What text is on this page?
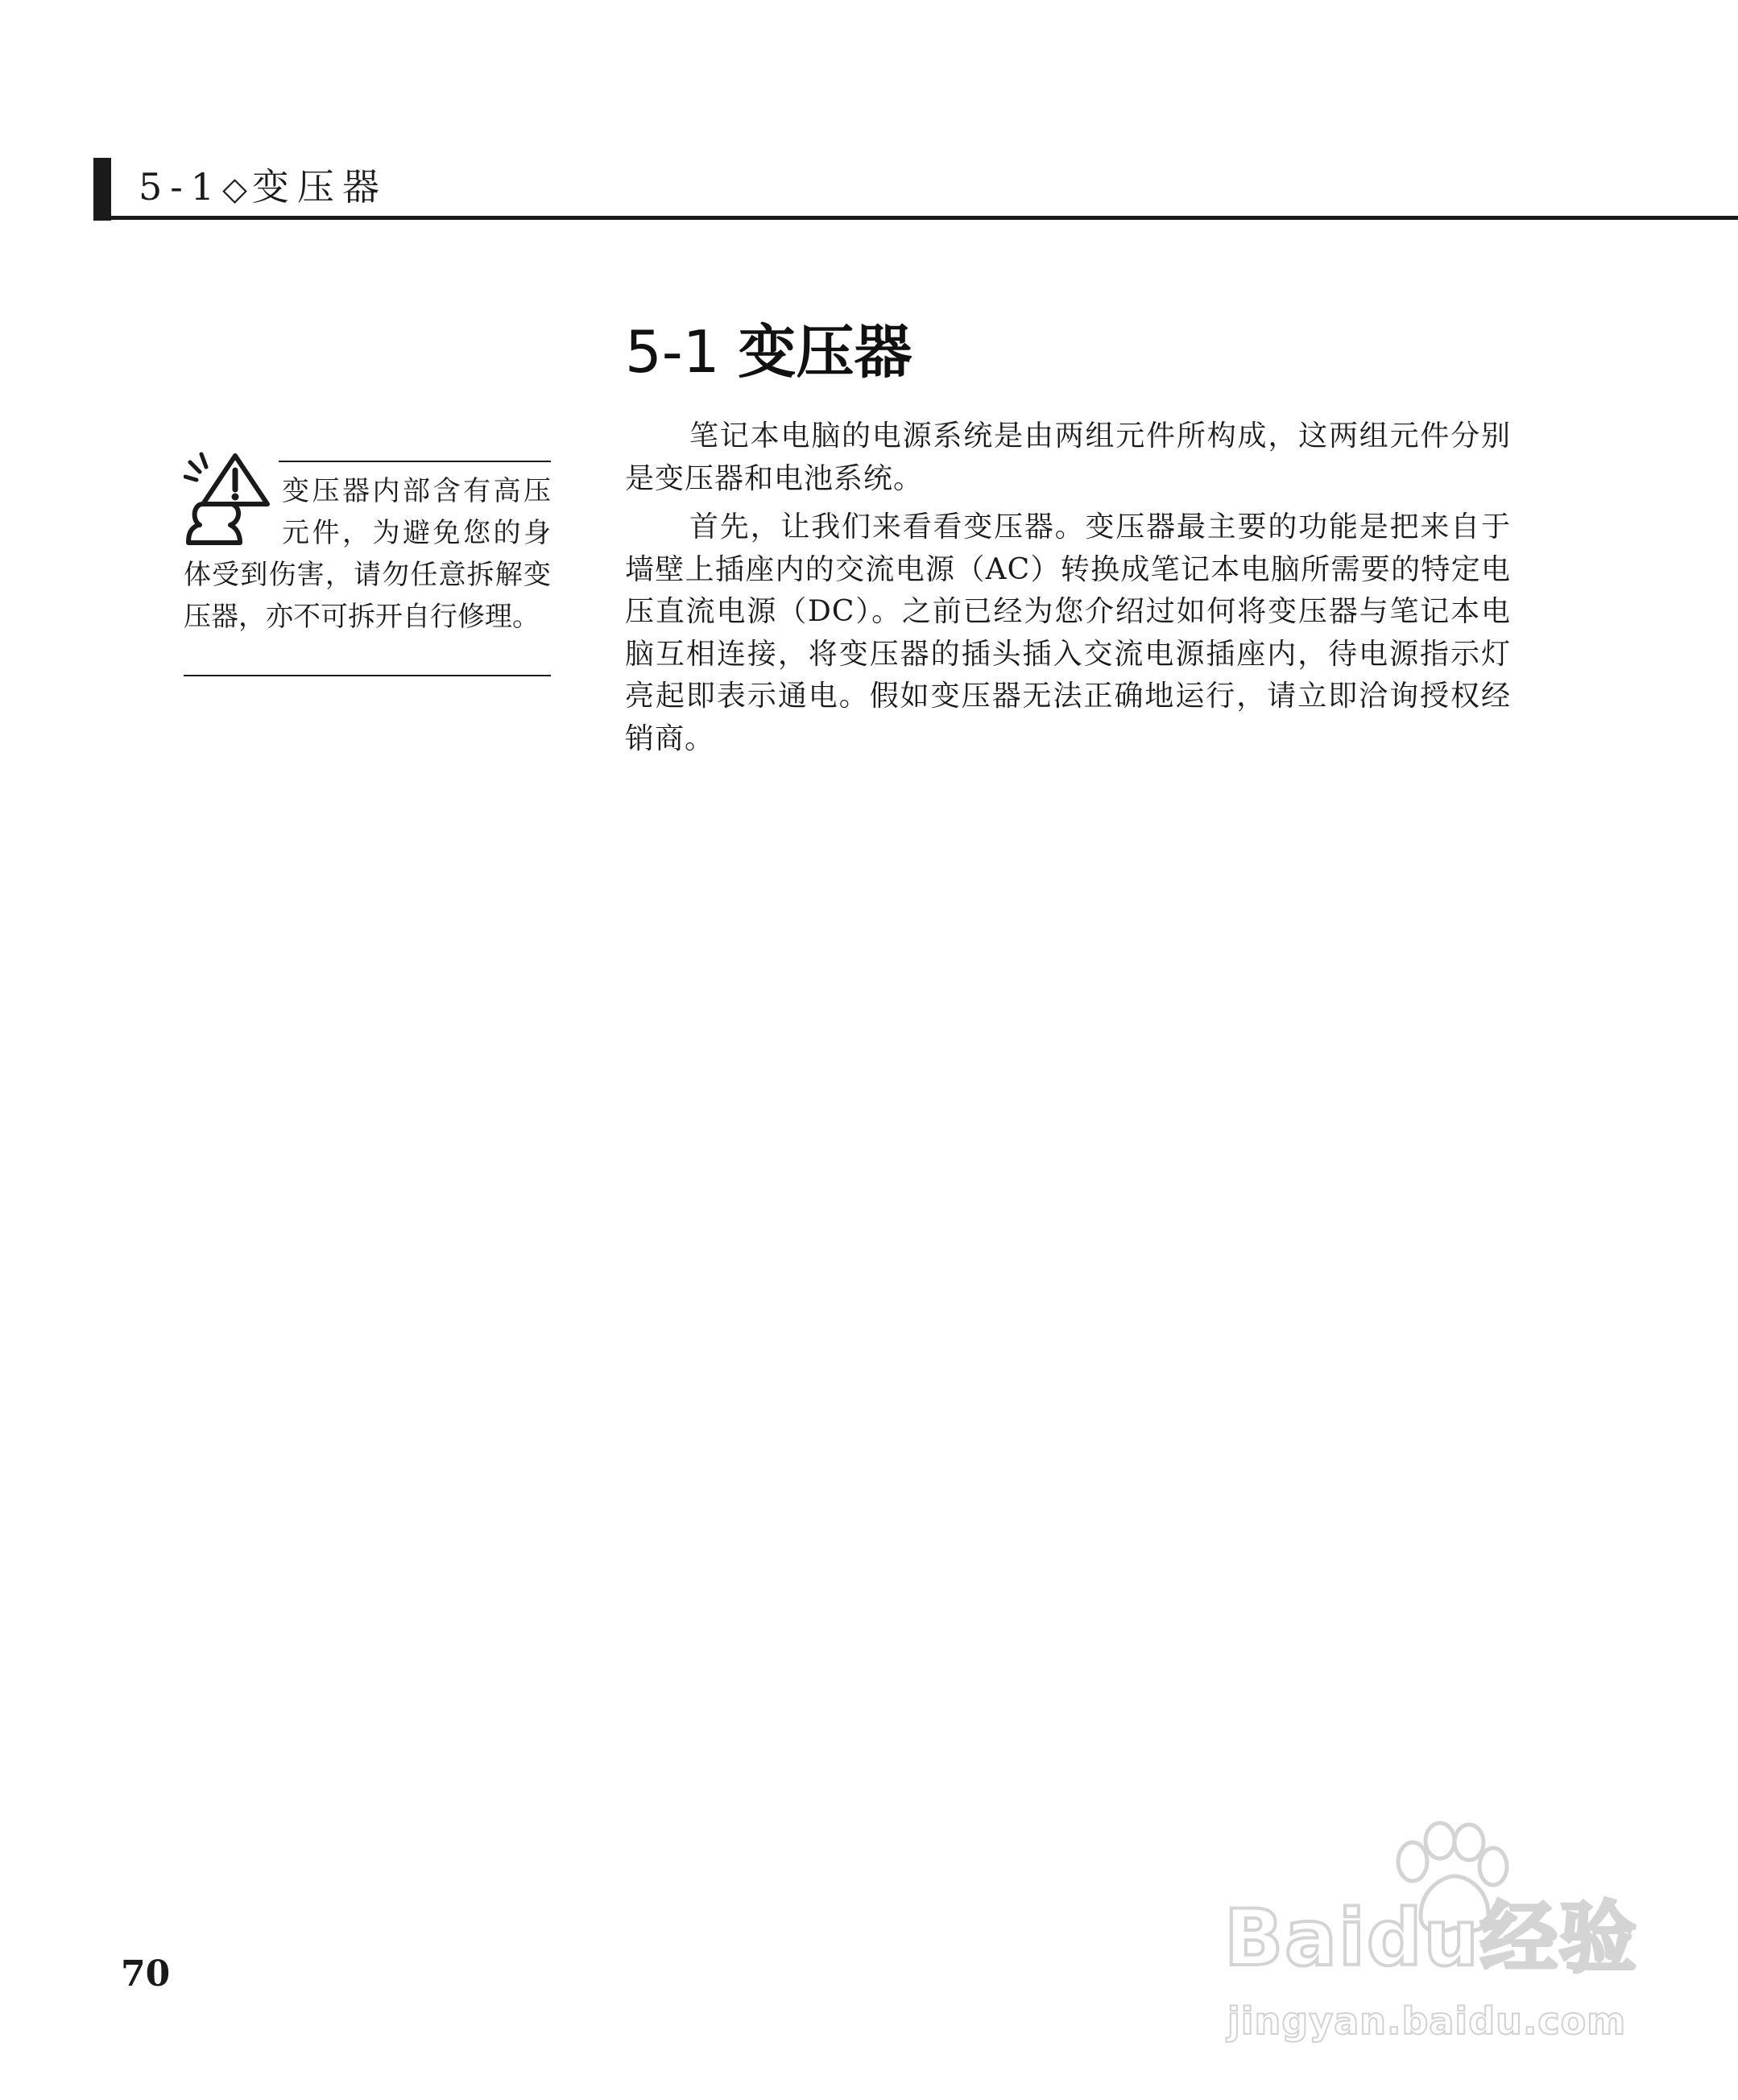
5-1◇变压器
变压器内部含有高压元件，为避免您的身体受到伤害，请勿任意拆解变压器，亦不可拆开自行修理。
5-1 变压器

笔记本电脑的电源系统是由两组元件所构成，这两组元件分别是变压器和电池系统。

首先，让我们来看看变压器。变压器最主要的功能是把来自于墙壁上插座内的交流电源（AC）转换成笔记本电脑所需要的特定电压直流电源（DC）。之前已经为您介绍过如何将变压器与笔记本电脑互相连接，将变压器的插头插入交流电源插座内，待电源指示灯亮起即表示通电。假如变压器无法正确地运行，请立即洽询授权经销商。

70	Baidu经验
jingyan.baidu.com
